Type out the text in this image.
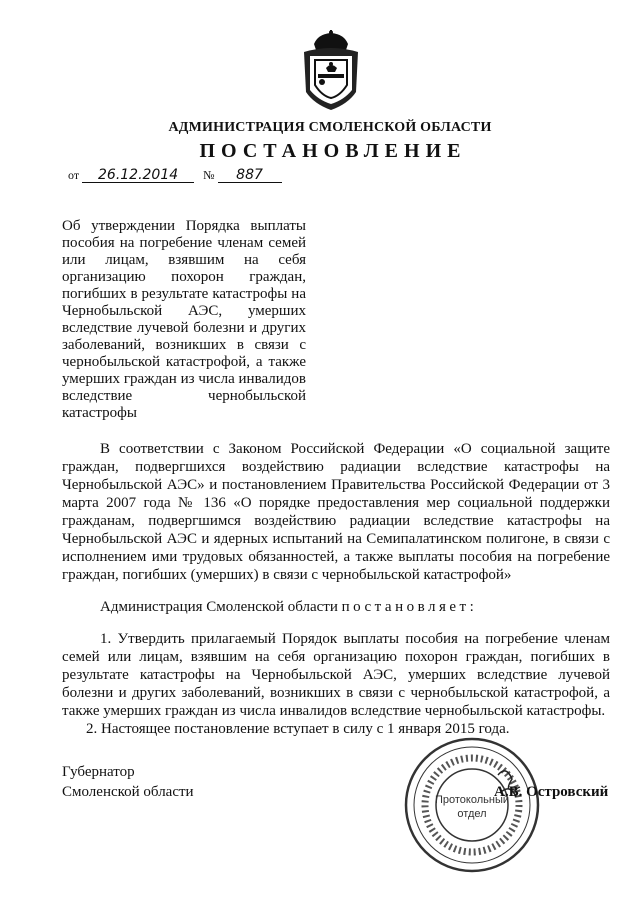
АДМИНИСТРАЦИЯ СМОЛЕНСКОЙ ОБЛАСТИ
ПОСТАНОВЛЕНИЕ
от 26.12.2014 № 887
Об утверждении Порядка выплаты пособия на погребение членам семей или лицам, взявшим на себя организацию похорон граждан, погибших в результате катастрофы на Чернобыльской АЭС, умерших вследствие лучевой болезни и других заболеваний, возникших в связи с чернобыльской катастрофой, а также умерших граждан из числа инвалидов вследствие чернобыльской катастрофы
В соответствии с Законом Российской Федерации «О социальной защите граждан, подвергшихся воздействию радиации вследствие катастрофы на Чернобыльской АЭС» и постановлением Правительства Российской Федерации от 3 марта 2007 года № 136 «О порядке предоставления мер социальной поддержки гражданам, подвергшимся воздействию радиации вследствие катастрофы на Чернобыльской АЭС и ядерных испытаний на Семипалатинском полигоне, в связи с исполнением ими трудовых обязанностей, а также выплаты пособия на погребение граждан, погибших (умерших) в связи с чернобыльской катастрофой»
Администрация Смоленской области постановляет:

1. Утвердить прилагаемый Порядок выплаты пособия на погребение членам семей или лицам, взявшим на себя организацию похорон граждан, погибших в результате катастрофы на Чернобыльской АЭС, умерших вследствие лучевой болезни и других заболеваний, возникших в связи с чернобыльской катастрофой, а также умерших граждан из числа инвалидов вследствие чернобыльской катастрофы.

2. Настоящее постановление вступает в силу с 1 января 2015 года.

Губернатор
Смоленской области	Протокольный
отдел
А.В. Островский
